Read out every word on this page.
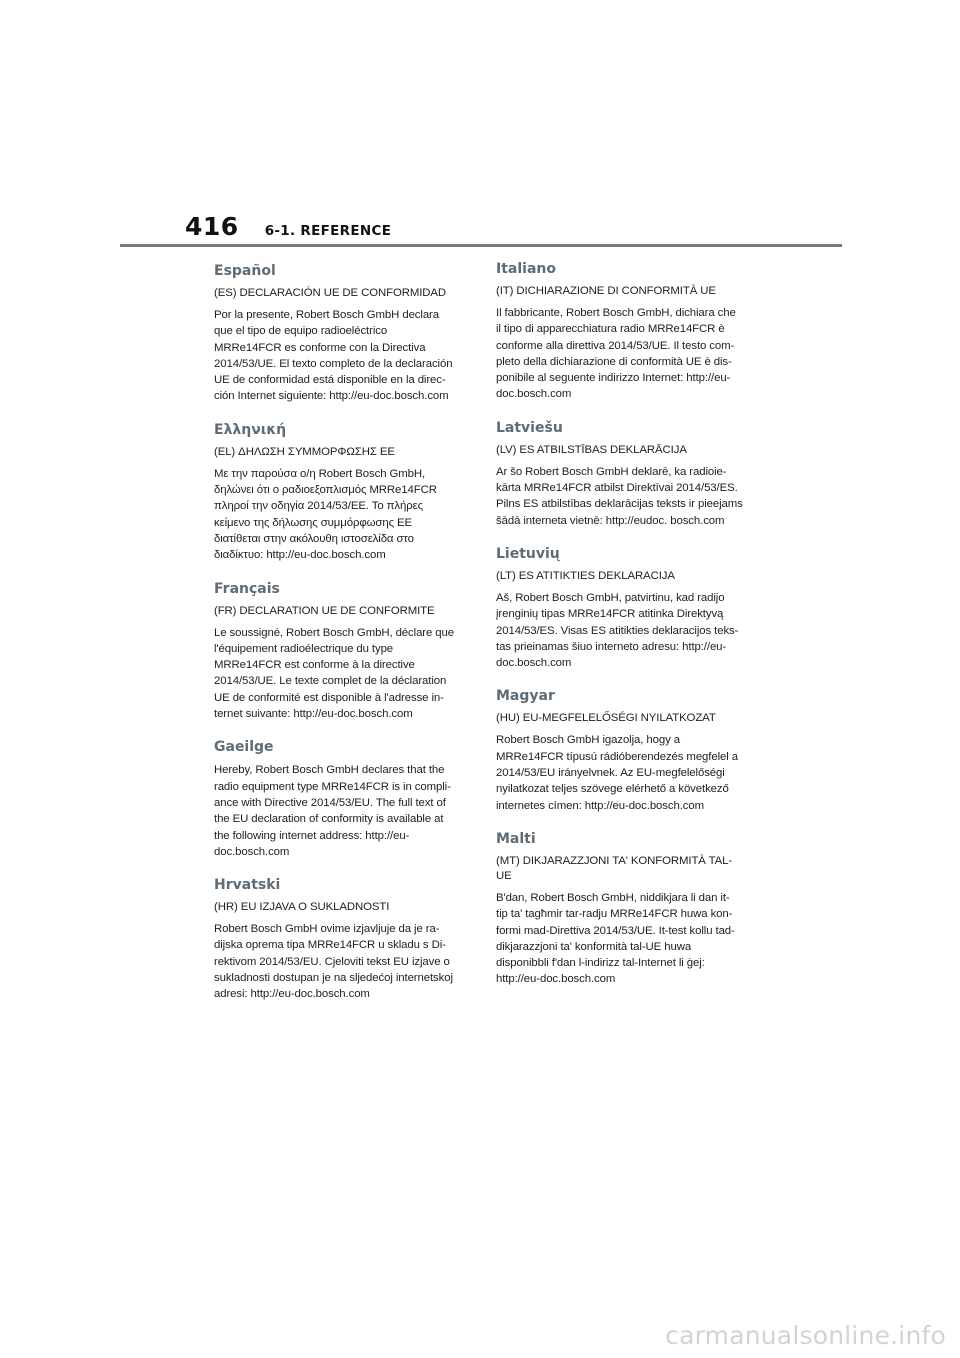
416 6-1. REFERENCE
Español
(ES) DECLARACIÓN UE DE CONFORMIDAD

Por la presente, Robert Bosch GmbH declara
que el tipo de equipo radioeléctrico
MRRe14FCR es conforme con la Directiva
2014/53/UE. El texto completo de la declaración
UE de conformidad está disponible en la direc-
ción Internet siguiente: http://eu-doc.bosch.com

Ελληνική
(EL) ΔΗΛΩΣΗ ΣΥΜΜΟΡΦΩΣΗΣ ΕΕ

Με την παρούσα ο/η Robert Bosch GmbH,
δηλώνει ότι ο ραδιοεξοπλισμός MRRe14FCR
πληροί την οδηγία 2014/53/ΕΕ. Το πλήρες
κείμενο της δήλωσης συμμόρφωσης ΕΕ
διατίθεται στην ακόλουθη ιστοσελίδα στο
διαδίκτυο: http://eu-doc.bosch.com

Français
(FR) DECLARATION UE DE CONFORMITE

Le soussigné, Robert Bosch GmbH, déclare que
l'équipement radioélectrique du type
MRRe14FCR est conforme à la directive
2014/53/UE. Le texte complet de la déclaration
UE de conformité est disponible à l'adresse in-
ternet suivante: http://eu-doc.bosch.com

Gaeilge

Hereby, Robert Bosch GmbH declares that the
radio equipment type MRRe14FCR is in compli-
ance with Directive 2014/53/EU. The full text of
the EU declaration of conformity is available at
the following internet address: http://eu-
doc.bosch.com

Hrvatski
(HR) EU IZJAVA O SUKLADNOSTI

Robert Bosch GmbH ovime izjavljuje da je ra-
dijska oprema tipa MRRe14FCR u skladu s Di-
rektivom 2014/53/EU. Cjeloviti tekst EU izjave o
sukladnosti dostupan je na sljedećoj internetskoj
adresi: http://eu-doc.bosch.com

Italiano
(IT) DICHIARAZIONE DI CONFORMITÀ UE

Il fabbricante, Robert Bosch GmbH, dichiara che
il tipo di apparecchiatura radio MRRe14FCR è
conforme alla direttiva 2014/53/UE. Il testo com-
pleto della dichiarazione di conformità UE è dis-
ponibile al seguente indirizzo Internet: http://eu-
doc.bosch.com

Latviešu
(LV) ES ATBILSTĪBAS DEKLARĀCIJA

Ar šo Robert Bosch GmbH deklarē, ka radioie-
kārta MRRe14FCR atbilst Direktīvai 2014/53/ES.
Pilns ES atbilstības deklarācijas teksts ir pieejams
šādā interneta vietnē: http://eudoc. bosch.com

Lietuvių
(LT) ES ATITIKTIES DEKLARACIJA

Aš, Robert Bosch GmbH, patvirtinu, kad radijo
įrenginių tipas MRRe14FCR atitinka Direktyvą
2014/53/ES. Visas ES atitikties deklaracijos teks-
tas prieinamas šiuo interneto adresu: http://eu-
doc.bosch.com

Magyar
(HU) EU-MEGFELELŐSÉGI NYILATKOZAT

Robert Bosch GmbH igazolja, hogy a
MRRe14FCR típusú rádióberendezés megfelel a
2014/53/EU irányelvnek. Az EU-megfelelőségi
nyilatkozat teljes szövege elérhető a következő
internetes címen: http://eu-doc.bosch.com

Malti
(MT) DIKJARAZZJONI TA' KONFORMITÀ TAL-
UE

B'dan, Robert Bosch GmbH, niddikjara li dan it-
tip ta' tagħmir tar-radju MRRe14FCR huwa kon-
formi mad-Direttiva 2014/53/UE. It-test kollu tad-
dikjarazzjoni ta' konformità tal-UE huwa
disponibbli f'dan l-indirizz tal-Internet li ġej:
http://eu-doc.bosch.com

carmanualsonline.info
